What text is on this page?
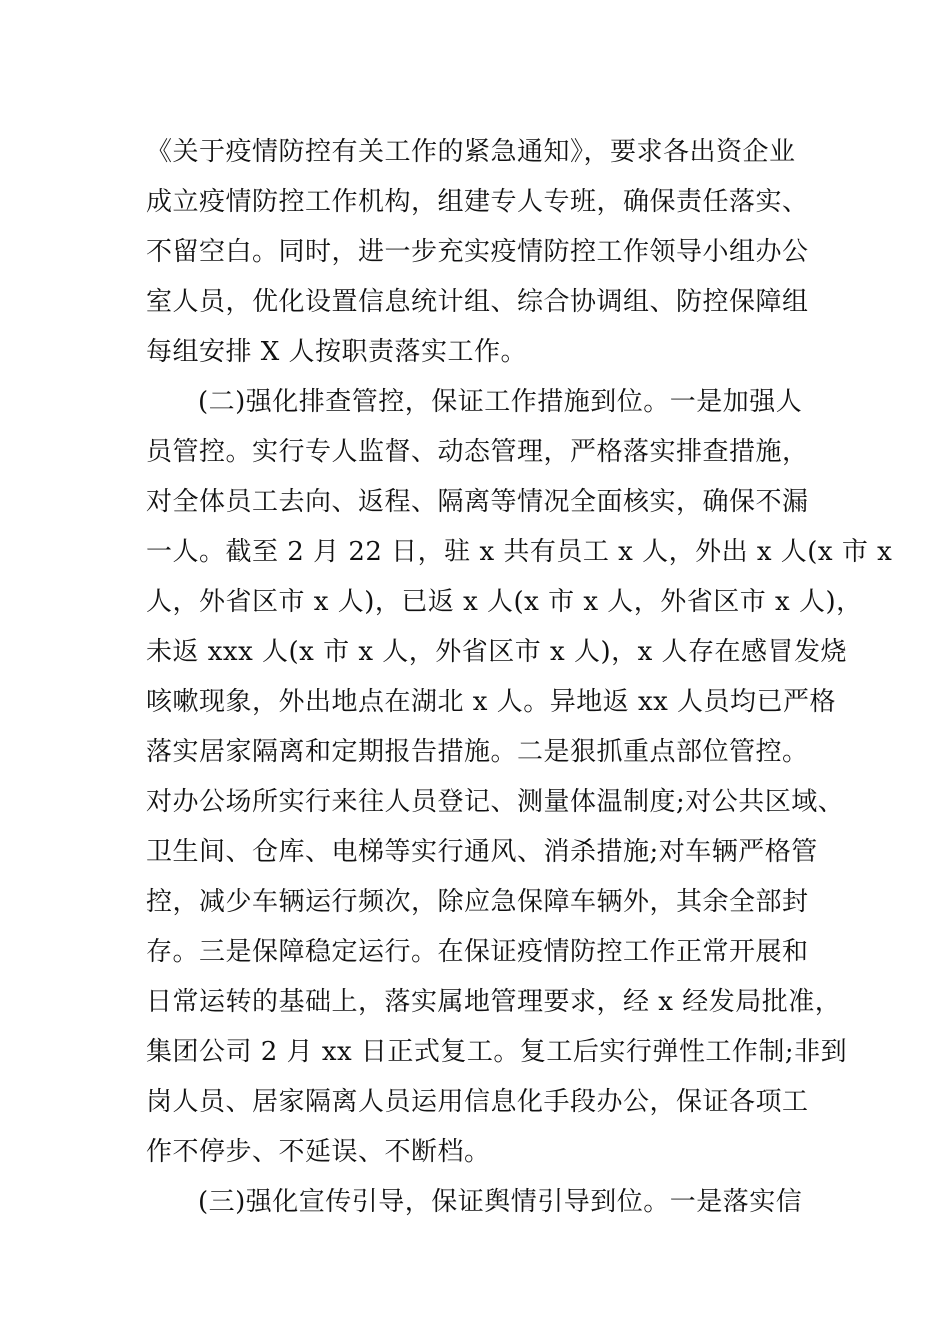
《关于疫情防控有关工作的紧急通知》，要求各出资企业
成立疫情防控工作机构，组建专人专班，确保责任落实、
不留空白。同时，进一步充实疫情防控工作领导小组办公
室人员，优化设置信息统计组、综合协调组、防控保障组
每组安排 X 人按职责落实工作。
(二)强化排查管控，保证工作措施到位。一是加强人
员管控。实行专人监督、动态管理，严格落实排查措施，
对全体员工去向、返程、隔离等情况全面核实，确保不漏
一人。截至 2 月 22 日，驻 x 共有员工 x 人，外出 x 人(x 市 x
人，外省区市 x 人)，已返 x 人(x 市 x 人，外省区市 x 人)，
未返 xxx 人(x 市 x 人，外省区市 x 人)，x 人存在感冒发烧
咳嗽现象，外出地点在湖北 x 人。异地返 xx 人员均已严格
落实居家隔离和定期报告措施。二是狠抓重点部位管控。
对办公场所实行来往人员登记、测量体温制度;对公共区域、
卫生间、仓库、电梯等实行通风、消杀措施;对车辆严格管
控，减少车辆运行频次，除应急保障车辆外，其余全部封
存。三是保障稳定运行。在保证疫情防控工作正常开展和
日常运转的基础上，落实属地管理要求，经 x 经发局批准，
集团公司 2 月 xx 日正式复工。复工后实行弹性工作制;非到
岗人员、居家隔离人员运用信息化手段办公，保证各项工
作不停步、不延误、不断档。
(三)强化宣传引导，保证舆情引导到位。一是落实信
